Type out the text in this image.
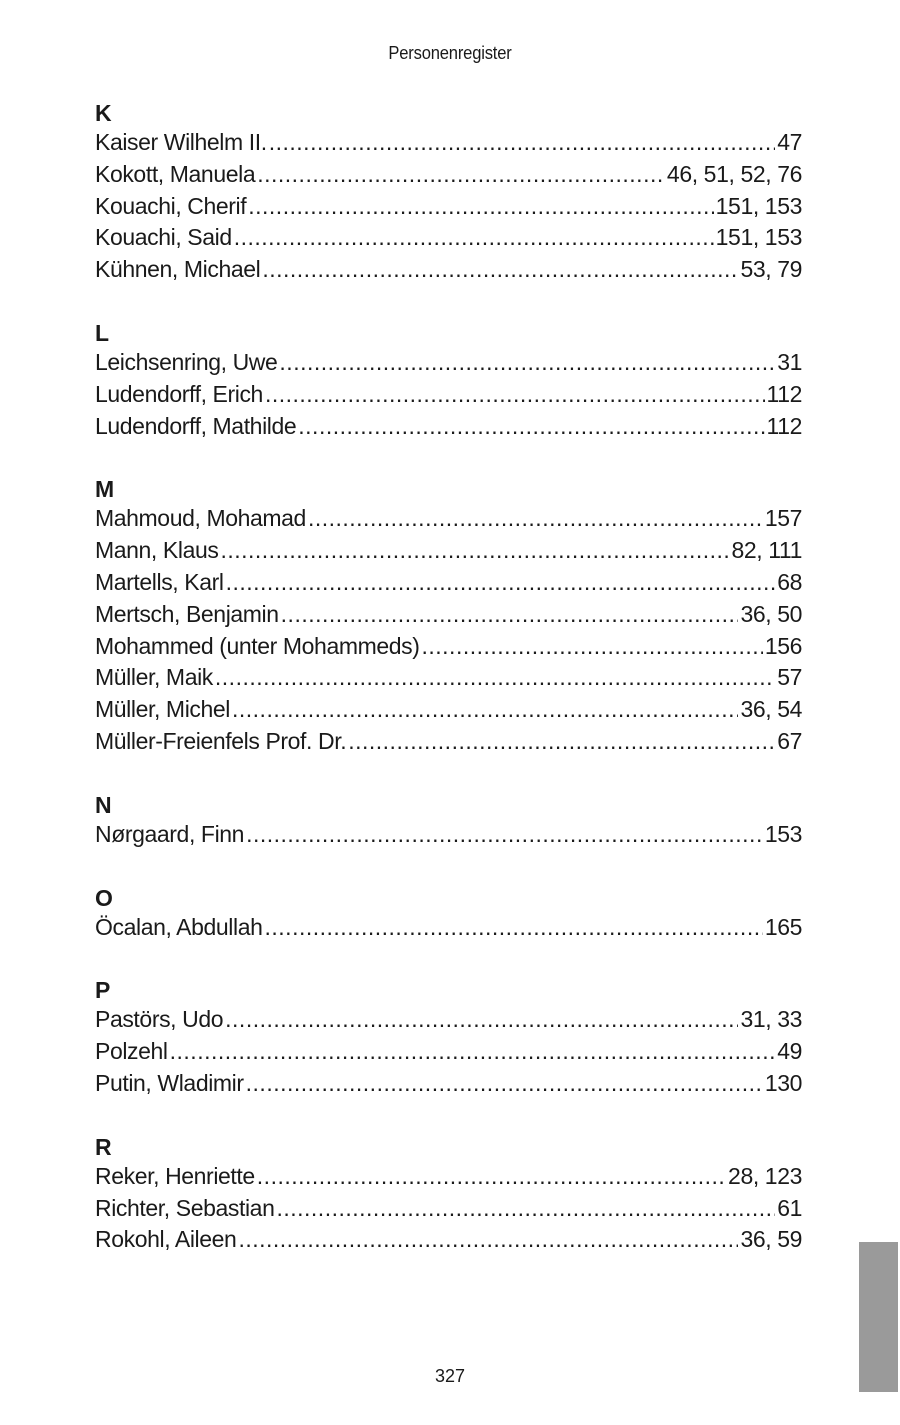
Personenregister
K
Kaiser Wilhelm II. .....	47
Kokott, Manuela .....	46, 51, 52, 76
Kouachi, Cherif .....	151, 153
Kouachi, Said .....	151, 153
Kühnen, Michael .....	53, 79
L
Leichsenring, Uwe .....	31
Ludendorff, Erich .....	112
Ludendorff, Mathilde .....	112
M
Mahmoud, Mohamad .....	157
Mann, Klaus .....	82, 111
Martells, Karl .....	68
Mertsch, Benjamin .....	36, 50
Mohammed (unter Mohammeds) .....	156
Müller, Maik .....	57
Müller, Michel .....	36, 54
Müller-Freienfels Prof. Dr. .....	67
N
Nørgaard, Finn .....	153
O
Öcalan, Abdullah .....	165
P
Pastörs, Udo .....	31, 33
Polzehl .....	49
Putin, Wladimir .....	130
R
Reker, Henriette .....	28, 123
Richter, Sebastian .....	61
Rokohl, Aileen .....	36, 59
327
